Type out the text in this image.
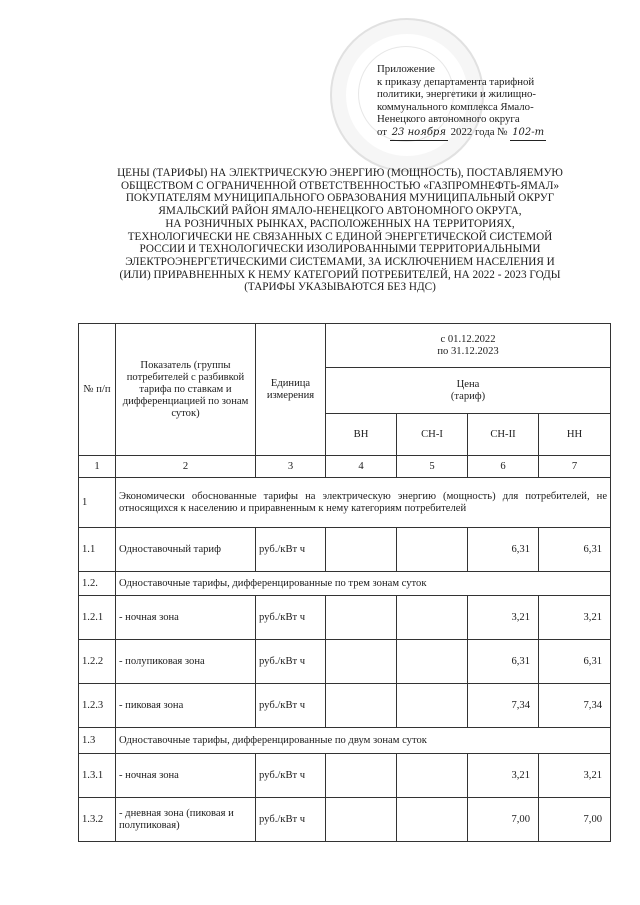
Приложение
к приказу департамента тарифной
политики, энергетики и жилищно-
коммунального комплекса Ямало-
Ненецкого автономного округа
от 23 ноября 2022 года № 102-т
ЦЕНЫ (ТАРИФЫ) НА ЭЛЕКТРИЧЕСКУЮ ЭНЕРГИЮ (МОЩНОСТЬ), ПОСТАВЛЯЕМУЮ
ОБЩЕСТВОМ С ОГРАНИЧЕННОЙ ОТВЕТСТВЕННОСТЬЮ «ГАЗПРОМНЕФТЬ-ЯМАЛ»
ПОКУПАТЕЛЯМ МУНИЦИПАЛЬНОГО ОБРАЗОВАНИЯ МУНИЦИПАЛЬНЫЙ ОКРУГ
ЯМАЛЬСКИЙ РАЙОН ЯМАЛО-НЕНЕЦКОГО АВТОНОМНОГО ОКРУГА,
НА РОЗНИЧНЫХ РЫНКАХ, РАСПОЛОЖЕННЫХ НА ТЕРРИТОРИЯХ,
ТЕХНОЛОГИЧЕСКИ НЕ СВЯЗАННЫХ С ЕДИНОЙ ЭНЕРГЕТИЧЕСКОЙ СИСТЕМОЙ
РОССИИ И ТЕХНОЛОГИЧЕСКИ ИЗОЛИРОВАННЫМИ ТЕРРИТОРИАЛЬНЫМИ
ЭЛЕКТРОЭНЕРГЕТИЧЕСКИМИ СИСТЕМАМИ, ЗА ИСКЛЮЧЕНИЕМ НАСЕЛЕНИЯ И
(ИЛИ) ПРИРАВНЕННЫХ К НЕМУ КАТЕГОРИЙ ПОТРЕБИТЕЛЕЙ, НА 2022 - 2023 ГОДЫ
(ТАРИФЫ УКАЗЫВАЮТСЯ БЕЗ НДС)
№ п/п	Показатель (группы потребителей с разбивкой тарифа по ставкам и дифференциацией по зонам суток)	Единица измерения	с 01.12.2022
по 31.12.2023			

			Цена
(тариф)			

			ВН	СН-I	СН-II	НН
1	2	3	4	5	6	7
1	Экономически обоснованные тарифы на электрическую энергию (мощность) для потребителей, не относящихся к населению и приравненным к нему категориям потребителей					
1.1	Одноставочный тариф	руб./кВт ч			6,31	6,31
1.2.	Одноставочные тарифы, дифференцированные по трем зонам суток					
1.2.1	- ночная зона	руб./кВт ч			3,21	3,21
1.2.2	- полупиковая зона	руб./кВт ч			6,31	6,31
1.2.3	- пиковая зона	руб./кВт ч			7,34	7,34
1.3	Одноставочные тарифы, дифференцированные по двум зонам суток					
1.3.1	- ночная зона	руб./кВт ч			3,21	3,21
1.3.2	- дневная зона (пиковая и полупиковая)	руб./кВт ч			7,00	7,00
